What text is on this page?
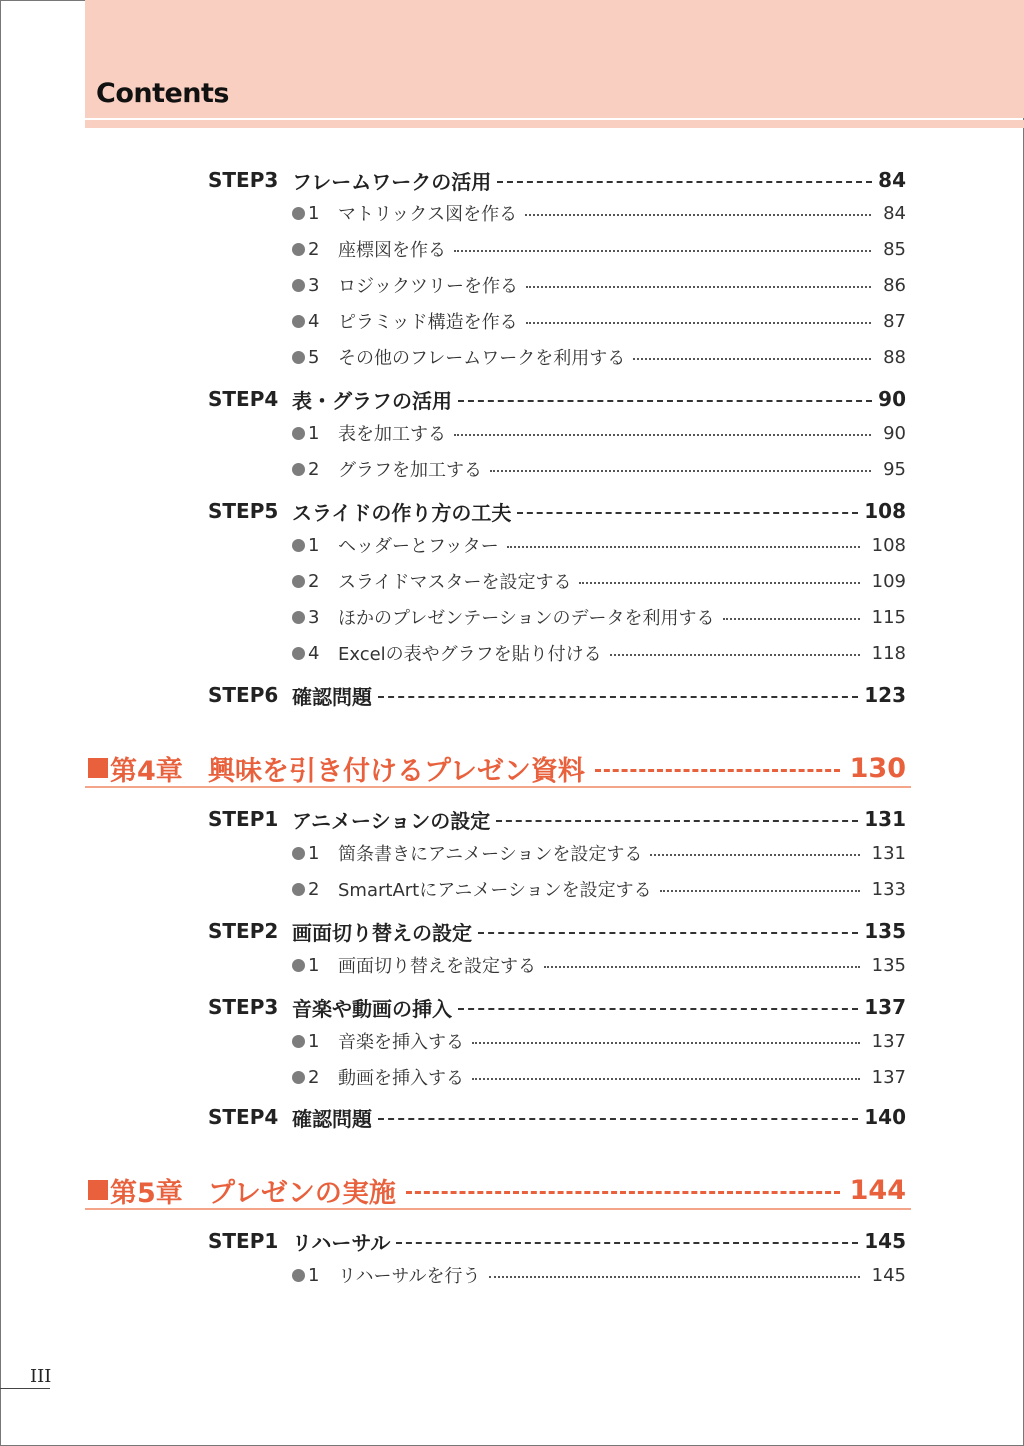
Contents
STEP3 フレームワークの活用	84
1	マトリックス図を作る	84
2	座標図を作る	85
3	ロジックツリーを作る	86
4	ピラミッド構造を作る	87
5	その他のフレームワークを利用する	88
STEP4 表・グラフの活用	90
1	表を加工する	90
2	グラフを加工する	95
STEP5 スライドの作り方の工夫	108
1	ヘッダーとフッター	108
2	スライドマスターを設定する	109
3	ほかのプレゼンテーションのデータを利用する	115
4	Excelの表やグラフを貼り付ける	118
STEP6 確認問題	123
第4章 興味を引き付けるプレゼン資料	130
STEP1 アニメーションの設定	131
1	箇条書きにアニメーションを設定する	131
2	SmartArtにアニメーションを設定する	133
STEP2 画面切り替えの設定	135
1	画面切り替えを設定する	135
STEP3 音楽や動画の挿入	137
1	音楽を挿入する	137
2	動画を挿入する	137
STEP4 確認問題	140
第5章 プレゼンの実施	144
STEP1 リハーサル	145
1	リハーサルを行う	145
III
